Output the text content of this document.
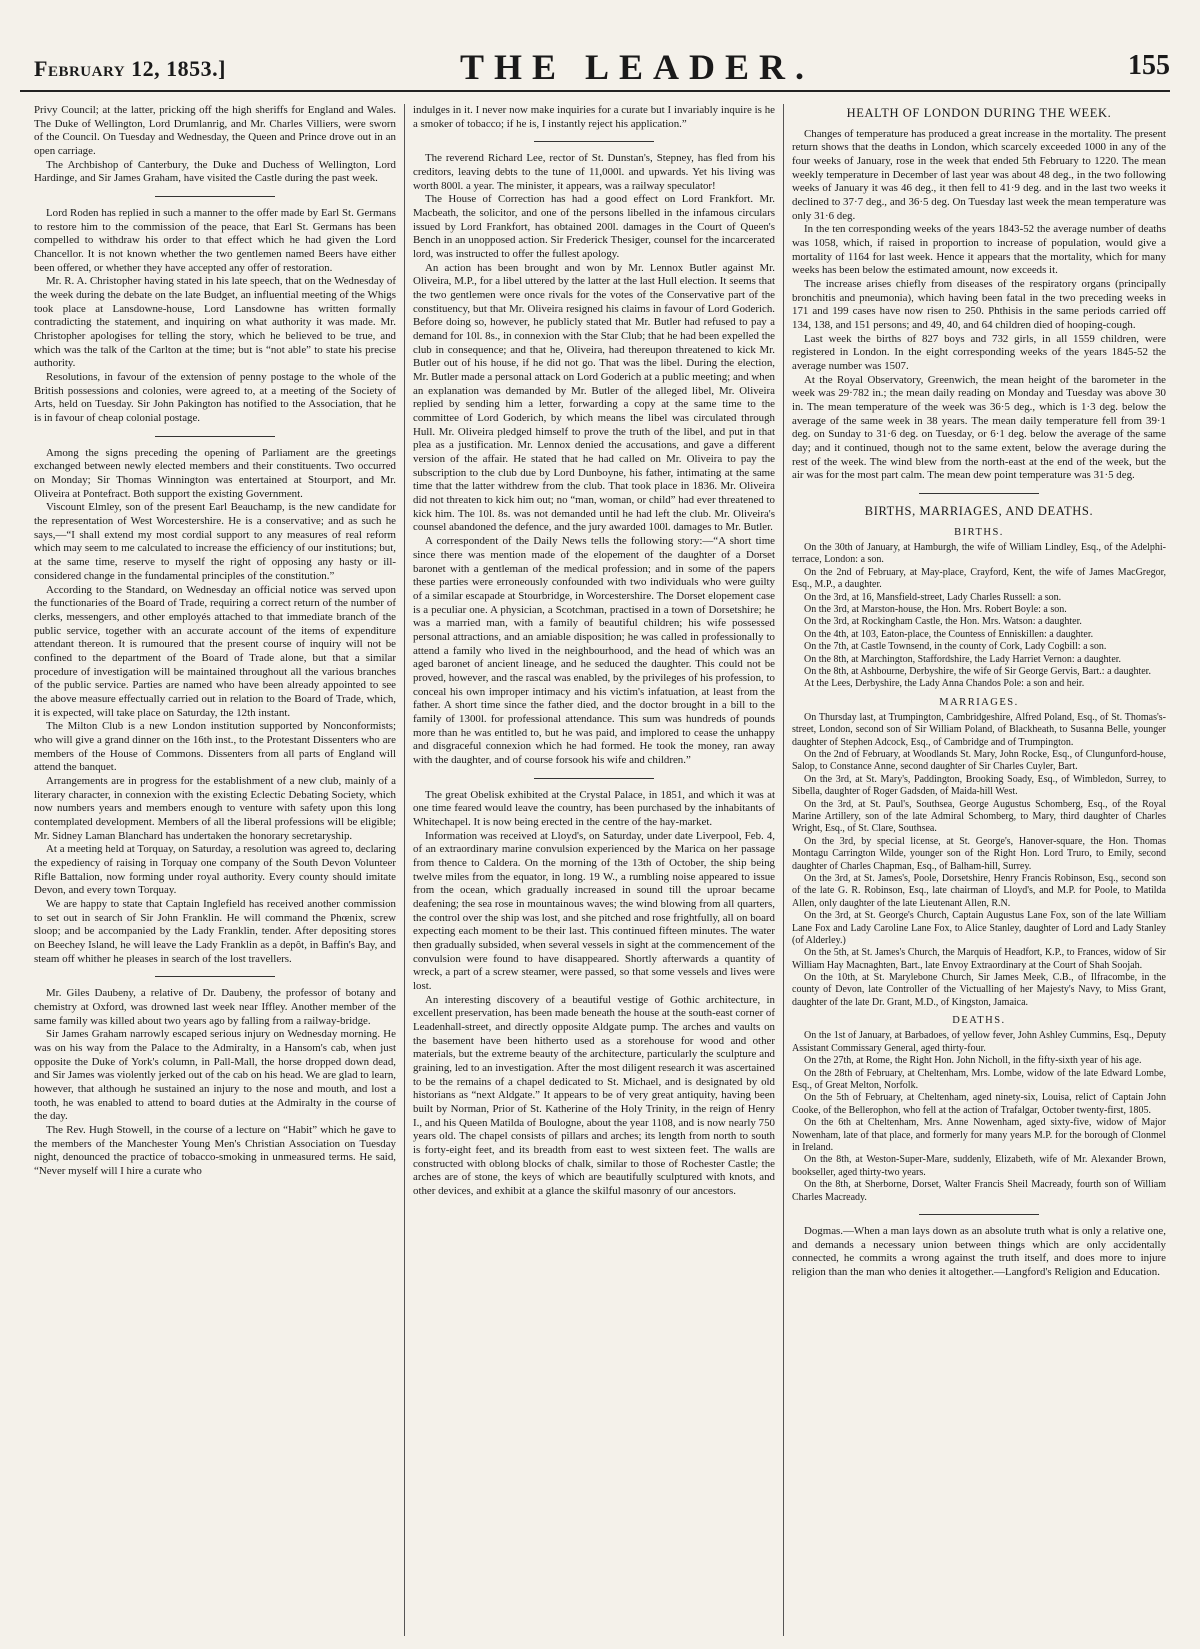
February 12, 1853.]	THE LEADER.	155

Privy Council; at the latter, pricking off the high sheriffs for England and Wales. The Duke of Wellington, Lord Drumlanrig, and Mr. Charles Villiers, were sworn of the Council. On Tuesday and Wednesday, the Queen and Prince drove out in an open carriage.

The Archbishop of Canterbury, the Duke and Duchess of Wellington, Lord Hardinge, and Sir James Graham, have visited the Castle during the past week.

Lord Roden has replied in such a manner to the offer made by Earl St. Germans to restore him to the commission of the peace, that Earl St. Germans has been compelled to withdraw his order to that effect which he had given the Lord Chancellor. It is not known whether the two gentlemen named Beers have either been offered, or whether they have accepted any offer of restoration.

Mr. R. A. Christopher having stated in his late speech, that on the Wednesday of the week during the debate on the late Budget, an influential meeting of the Whigs took place at Lansdowne-house, Lord Lansdowne has written formally contradicting the statement, and inquiring on what authority it was made. Mr. Christopher apologises for telling the story, which he believed to be true, and which was the talk of the Carlton at the time; but is “not able” to state his precise authority.

Resolutions, in favour of the extension of penny postage to the whole of the British possessions and colonies, were agreed to, at a meeting of the Society of Arts, held on Tuesday. Sir John Pakington has notified to the Association, that he is in favour of cheap colonial postage.

Among the signs preceding the opening of Parliament are the greetings exchanged between newly elected members and their constituents. Two occurred on Monday; Sir Thomas Winnington was entertained at Stourport, and Mr. Oliveira at Pontefract. Both support the existing Government.

Viscount Elmley, son of the present Earl Beauchamp, is the new candidate for the representation of West Worcestershire. He is a conservative; and as such he says,—“I shall extend my most cordial support to any measures of real reform which may seem to me calculated to increase the efficiency of our institutions; but, at the same time, reserve to myself the right of opposing any hasty or ill-considered change in the fundamental principles of the constitution.”

According to the Standard, on Wednesday an official notice was served upon the functionaries of the Board of Trade, requiring a correct return of the number of clerks, messengers, and other employés attached to that immediate branch of the public service, together with an accurate account of the items of expenditure attendant thereon. It is rumoured that the present course of inquiry will not be confined to the department of the Board of Trade alone, but that a similar procedure of investigation will be maintained throughout all the various branches of the public service. Parties are named who have been already appointed to see the above measure effectually carried out in relation to the Board of Trade, which, it is expected, will take place on Saturday, the 12th instant.

The Milton Club is a new London institution supported by Nonconformists; who will give a grand dinner on the 16th inst., to the Protestant Dissenters who are members of the House of Commons. Dissenters from all parts of England will attend the banquet.

Arrangements are in progress for the establishment of a new club, mainly of a literary character, in connexion with the existing Eclectic Debating Society, which now numbers years and members enough to venture with safety upon this long contemplated development. Members of all the liberal professions will be eligible; Mr. Sidney Laman Blanchard has undertaken the honorary secretaryship.

At a meeting held at Torquay, on Saturday, a resolution was agreed to, declaring the expediency of raising in Torquay one company of the South Devon Volunteer Rifle Battalion, now forming under royal authority. Every county should imitate Devon, and every town Torquay.

We are happy to state that Captain Inglefield has received another commission to set out in search of Sir John Franklin. He will command the Phœnix, screw sloop; and be accompanied by the Lady Franklin, tender. After depositing stores on Beechey Island, he will leave the Lady Franklin as a depôt, in Baffin's Bay, and steam off whither he pleases in search of the lost travellers.

Mr. Giles Daubeny, a relative of Dr. Daubeny, the professor of botany and chemistry at Oxford, was drowned last week near Iffley. Another member of the same family was killed about two years ago by falling from a railway-bridge.

Sir James Graham narrowly escaped serious injury on Wednesday morning. He was on his way from the Palace to the Admiralty, in a Hansom's cab, when just opposite the Duke of York's column, in Pall-Mall, the horse dropped down dead, and Sir James was violently jerked out of the cab on his head. We are glad to learn, however, that although he sustained an injury to the nose and mouth, and lost a tooth, he was enabled to attend to board duties at the Admiralty in the course of the day.

The Rev. Hugh Stowell, in the course of a lecture on “Habit” which he gave to the members of the Manchester Young Men's Christian Association on Tuesday night, denounced the practice of tobacco-smoking in unmeasured terms. He said, “Never myself will I hire a curate who

indulges in it. I never now make inquiries for a curate but I invariably inquire is he a smoker of tobacco; if he is, I instantly reject his application.”

The reverend Richard Lee, rector of St. Dunstan's, Stepney, has fled from his creditors, leaving debts to the tune of 11,000l. and upwards. Yet his living was worth 800l. a year. The minister, it appears, was a railway speculator!

The House of Correction has had a good effect on Lord Frankfort. Mr. Macbeath, the solicitor, and one of the persons libelled in the infamous circulars issued by Lord Frankfort, has obtained 200l. damages in the Court of Queen's Bench in an unopposed action. Sir Frederick Thesiger, counsel for the incarcerated lord, was instructed to offer the fullest apology.

An action has been brought and won by Mr. Lennox Butler against Mr. Oliveira, M.P., for a libel uttered by the latter at the last Hull election. It seems that the two gentlemen were once rivals for the votes of the Conservative part of the constituency, but that Mr. Oliveira resigned his claims in favour of Lord Goderich. Before doing so, however, he publicly stated that Mr. Butler had refused to pay a demand for 10l. 8s., in connexion with the Star Club; that he had been expelled the club in consequence; and that he, Oliveira, had thereupon threatened to kick Mr. Butler out of his house, if he did not go. That was the libel. During the election, Mr. Butler made a personal attack on Lord Goderich at a public meeting; and when an explanation was demanded by Mr. Butler of the alleged libel, Mr. Oliveira replied by sending him a letter, forwarding a copy at the same time to the committee of Lord Goderich, by which means the libel was circulated through Hull. Mr. Oliveira pledged himself to prove the truth of the libel, and put in that plea as a justification. Mr. Lennox denied the accusations, and gave a different version of the affair. He stated that he had called on Mr. Oliveira to pay the subscription to the club due by Lord Dunboyne, his father, intimating at the same time that the latter withdrew from the club. That took place in 1836. Mr. Oliveira did not threaten to kick him out; no “man, woman, or child” had ever threatened to kick him. The 10l. 8s. was not demanded until he had left the club. Mr. Oliveira's counsel abandoned the defence, and the jury awarded 100l. damages to Mr. Butler.

A correspondent of the Daily News tells the following story:—“A short time since there was mention made of the elopement of the daughter of a Dorset baronet with a gentleman of the medical profession; and in some of the papers these parties were erroneously confounded with two individuals who were guilty of a similar escapade at Stourbridge, in Worcestershire. The Dorset elopement case is a peculiar one. A physician, a Scotchman, practised in a town of Dorsetshire; he was a married man, with a family of beautiful children; his wife possessed personal attractions, and an amiable disposition; he was called in professionally to attend a family who lived in the neighbourhood, and the head of which was an aged baronet of ancient lineage, and he seduced the daughter. This could not be proved, however, and the rascal was enabled, by the privileges of his profession, to conceal his own improper intimacy and his victim's infatuation, at least from the father. A short time since the father died, and the doctor brought in a bill to the family of 1300l. for professional attendance. This sum was hundreds of pounds more than he was entitled to, but he was paid, and implored to cease the unhappy and disgraceful connexion which he had formed. He took the money, ran away with the daughter, and of course forsook his wife and children.”

The great Obelisk exhibited at the Crystal Palace, in 1851, and which it was at one time feared would leave the country, has been purchased by the inhabitants of Whitechapel. It is now being erected in the centre of the hay-market.

Information was received at Lloyd's, on Saturday, under date Liverpool, Feb. 4, of an extraordinary marine convulsion experienced by the Marica on her passage from thence to Caldera. On the morning of the 13th of October, the ship being twelve miles from the equator, in long. 19 W., a rumbling noise appeared to issue from the ocean, which gradually increased in sound till the uproar became deafening; the sea rose in mountainous waves; the wind blowing from all quarters, the control over the ship was lost, and she pitched and rose frightfully, all on board expecting each moment to be their last. This continued fifteen minutes. The water then gradually subsided, when several vessels in sight at the commencement of the convulsion were found to have disappeared. Shortly afterwards a quantity of wreck, a part of a screw steamer, were passed, so that some vessels and lives were lost.

An interesting discovery of a beautiful vestige of Gothic architecture, in excellent preservation, has been made beneath the house at the south-east corner of Leadenhall-street, and directly opposite Aldgate pump. The arches and vaults on the basement have been hitherto used as a storehouse for wood and other materials, but the extreme beauty of the architecture, particularly the sculpture and graining, led to an investigation. After the most diligent research it was ascertained to be the remains of a chapel dedicated to St. Michael, and is designated by old historians as “next Aldgate.” It appears to be of very great antiquity, having been built by Norman, Prior of St. Katherine of the Holy Trinity, in the reign of Henry I., and his Queen Matilda of Boulogne, about the year 1108, and is now nearly 750 years old. The chapel consists of pillars and arches; its length from north to south is forty-eight feet, and its breadth from east to west sixteen feet. The walls are constructed with oblong blocks of chalk, similar to those of Rochester Castle; the arches are of stone, the keys of which are beautifully sculptured with knots, and other devices, and exhibit at a glance the skilful masonry of our ancestors.

HEALTH OF LONDON DURING THE WEEK.

Changes of temperature has produced a great increase in the mortality. The present return shows that the deaths in London, which scarcely exceeded 1000 in any of the four weeks of January, rose in the week that ended 5th February to 1220. The mean weekly temperature in December of last year was about 48 deg., in the two following weeks of January it was 46 deg., it then fell to 41·9 deg. and in the last two weeks it declined to 37·7 deg., and 36·5 deg. On Tuesday last week the mean temperature was only 31·6 deg.

In the ten corresponding weeks of the years 1843-52 the average number of deaths was 1058, which, if raised in proportion to increase of population, would give a mortality of 1164 for last week. Hence it appears that the mortality, which for many weeks has been below the estimated amount, now exceeds it.

The increase arises chiefly from diseases of the respiratory organs (principally bronchitis and pneumonia), which having been fatal in the two preceding weeks in 171 and 199 cases have now risen to 250. Phthisis in the same periods carried off 134, 138, and 151 persons; and 49, 40, and 64 children died of hooping-cough.

Last week the births of 827 boys and 732 girls, in all 1559 children, were registered in London. In the eight corresponding weeks of the years 1845-52 the average number was 1507.

At the Royal Observatory, Greenwich, the mean height of the barometer in the week was 29·782 in.; the mean daily reading on Monday and Tuesday was above 30 in. The mean temperature of the week was 36·5 deg., which is 1·3 deg. below the average of the same week in 38 years. The mean daily temperature fell from 39·1 deg. on Sunday to 31·6 deg. on Tuesday, or 6·1 deg. below the average of the same day; and it continued, though not to the same extent, below the average during the rest of the week. The wind blew from the north-east at the end of the week, but the air was for the most part calm. The mean dew point temperature was 31·5 deg.

BIRTHS, MARRIAGES, AND DEATHS.
BIRTHS.

On the 30th of January, at Hamburgh, the wife of William Lindley, Esq., of the Adelphi-terrace, London: a son.

On the 2nd of February, at May-place, Crayford, Kent, the wife of James MacGregor, Esq., M.P., a daughter.

On the 3rd, at 16, Mansfield-street, Lady Charles Russell: a son.

On the 3rd, at Marston-house, the Hon. Mrs. Robert Boyle: a son.

On the 3rd, at Rockingham Castle, the Hon. Mrs. Watson: a daughter.

On the 4th, at 103, Eaton-place, the Countess of Enniskillen: a daughter.

On the 7th, at Castle Townsend, in the county of Cork, Lady Cogbill: a son.

On the 8th, at Marchington, Staffordshire, the Lady Harriet Vernon: a daughter.

On the 8th, at Ashbourne, Derbyshire, the wife of Sir George Gervis, Bart.: a daughter.

At the Lees, Derbyshire, the Lady Anna Chandos Pole: a son and heir.

MARRIAGES.

On Thursday last, at Trumpington, Cambridgeshire, Alfred Poland, Esq., of St. Thomas's-street, London, second son of Sir William Poland, of Blackheath, to Susanna Belle, younger daughter of Stephen Adcock, Esq., of Cambridge and of Trumpington.

On the 2nd of February, at Woodlands St. Mary, John Rocke, Esq., of Clungunford-house, Salop, to Constance Anne, second daughter of Sir Charles Cuyler, Bart.

On the 3rd, at St. Mary's, Paddington, Brooking Soady, Esq., of Wimbledon, Surrey, to Sibella, daughter of Roger Gadsden, of Maida-hill West.

On the 3rd, at St. Paul's, Southsea, George Augustus Schomberg, Esq., of the Royal Marine Artillery, son of the late Admiral Schomberg, to Mary, third daughter of Charles Wright, Esq., of St. Clare, Southsea.

On the 3rd, by special license, at St. George's, Hanover-square, the Hon. Thomas Montagu Carrington Wilde, younger son of the Right Hon. Lord Truro, to Emily, second daughter of Charles Chapman, Esq., of Balham-hill, Surrey.

On the 3rd, at St. James's, Poole, Dorsetshire, Henry Francis Robinson, Esq., second son of the late G. R. Robinson, Esq., late chairman of Lloyd's, and M.P. for Poole, to Matilda Allen, only daughter of the late Lieutenant Allen, R.N.

On the 3rd, at St. George's Church, Captain Augustus Lane Fox, son of the late William Lane Fox and Lady Caroline Lane Fox, to Alice Stanley, daughter of Lord and Lady Stanley (of Alderley.)

On the 5th, at St. James's Church, the Marquis of Headfort, K.P., to Frances, widow of Sir William Hay Macnaghten, Bart., late Envoy Extraordinary at the Court of Shah Soojah.

On the 10th, at St. Marylebone Church, Sir James Meek, C.B., of Ilfracombe, in the county of Devon, late Controller of the Victualling of her Majesty's Navy, to Miss Grant, daughter of the late Dr. Grant, M.D., of Kingston, Jamaica.

DEATHS.

On the 1st of January, at Barbadoes, of yellow fever, John Ashley Cummins, Esq., Deputy Assistant Commissary General, aged thirty-four.

On the 27th, at Rome, the Right Hon. John Nicholl, in the fifty-sixth year of his age.

On the 28th of February, at Cheltenham, Mrs. Lombe, widow of the late Edward Lombe, Esq., of Great Melton, Norfolk.

On the 5th of February, at Cheltenham, aged ninety-six, Louisa, relict of Captain John Cooke, of the Bellerophon, who fell at the action of Trafalgar, October twenty-first, 1805.

On the 6th at Cheltenham, Mrs. Anne Nowenham, aged sixty-five, widow of Major Nowenham, late of that place, and formerly for many years M.P. for the borough of Clonmel in Ireland.

On the 8th, at Weston-Super-Mare, suddenly, Elizabeth, wife of Mr. Alexander Brown, bookseller, aged thirty-two years.

On the 8th, at Sherborne, Dorset, Walter Francis Sheil Macready, fourth son of William Charles Macready.

Dogmas.—When a man lays down as an absolute truth what is only a relative one, and demands a necessary union between things which are only accidentally connected, he commits a wrong against the truth itself, and does more to injure religion than the man who denies it altogether.—Langford's Religion and Education.
